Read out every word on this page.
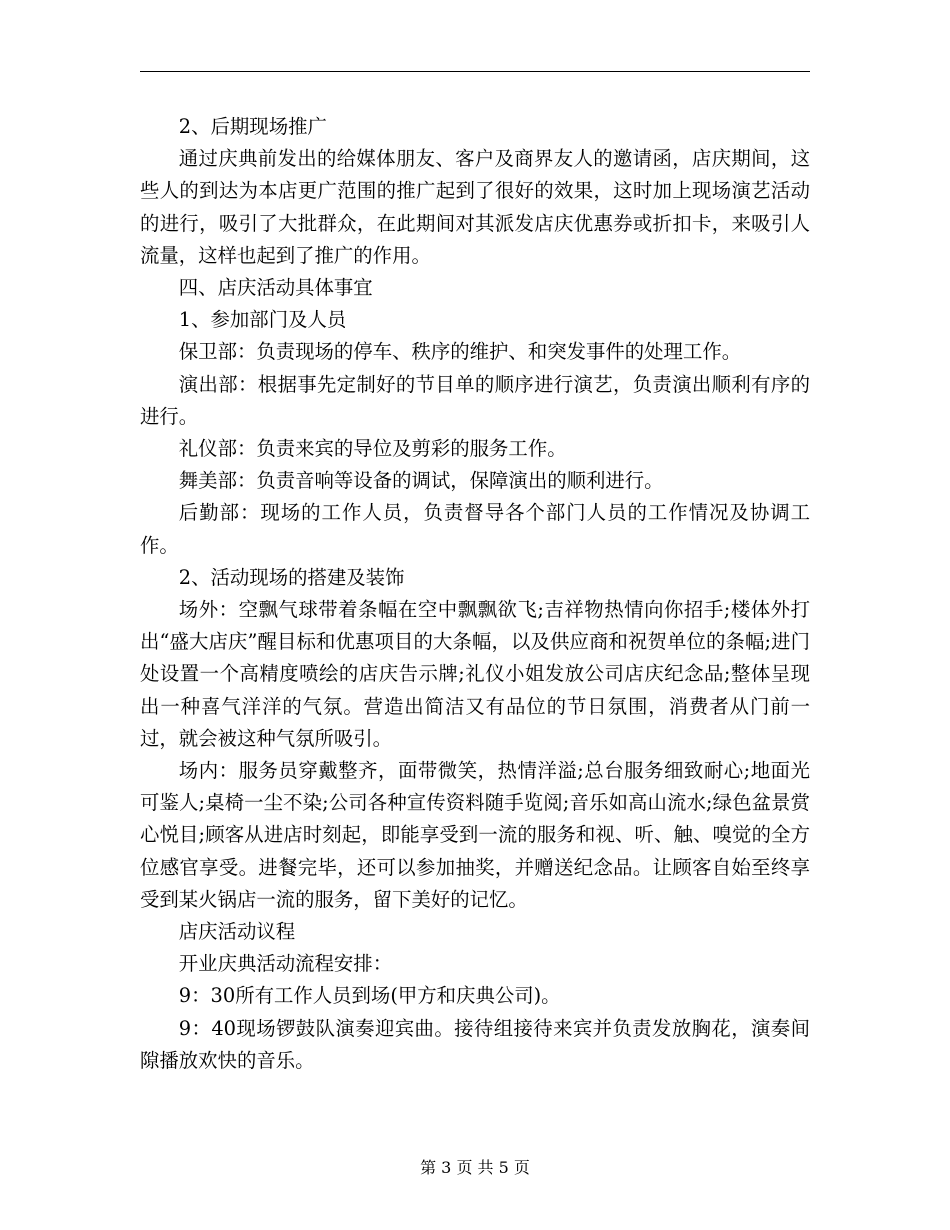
2、后期现场推广

通过庆典前发出的给媒体朋友、客户及商界友人的邀请函，店庆期间，这些人的到达为本店更广范围的推广起到了很好的效果，这时加上现场演艺活动的进行，吸引了大批群众，在此期间对其派发店庆优惠券或折扣卡，来吸引人流量，这样也起到了推广的作用。

四、店庆活动具体事宜

1、参加部门及人员

保卫部：负责现场的停车、秩序的维护、和突发事件的处理工作。

演出部：根据事先定制好的节目单的顺序进行演艺，负责演出顺利有序的进行。

礼仪部：负责来宾的导位及剪彩的服务工作。

舞美部：负责音响等设备的调试，保障演出的顺利进行。

后勤部：现场的工作人员，负责督导各个部门人员的工作情况及协调工作。

2、活动现场的搭建及装饰

场外：空飘气球带着条幅在空中飘飘欲飞;吉祥物热情向你招手;楼体外打出“盛大店庆”醒目标和优惠项目的大条幅，以及供应商和祝贺单位的条幅;进门处设置一个高精度喷绘的店庆告示牌;礼仪小姐发放公司店庆纪念品;整体呈现出一种喜气洋洋的气氛。营造出简洁又有品位的节日氛围，消费者从门前一过，就会被这种气氛所吸引。

场内：服务员穿戴整齐，面带微笑，热情洋溢;总台服务细致耐心;地面光可鉴人;桌椅一尘不染;公司各种宣传资料随手览阅;音乐如高山流水;绿色盆景赏心悦目;顾客从进店时刻起，即能享受到一流的服务和视、听、触、嗅觉的全方位感官享受。进餐完毕，还可以参加抽奖，并赠送纪念品。让顾客自始至终享受到某火锅店一流的服务，留下美好的记忆。

店庆活动议程

开业庆典活动流程安排：

9：30所有工作人员到场(甲方和庆典公司)。

9：40现场锣鼓队演奏迎宾曲。接待组接待来宾并负责发放胸花，演奏间隙播放欢快的音乐。

第 3 页 共 5 页
